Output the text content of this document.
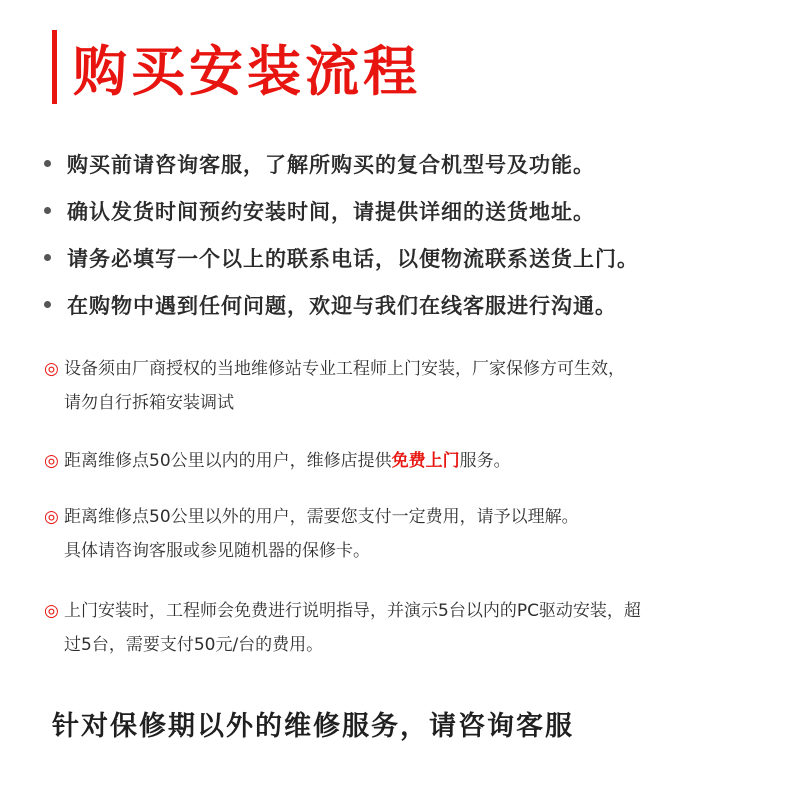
购买安装流程
购买前请咨询客服，了解所购买的复合机型号及功能。
确认发货时间预约安装时间，请提供详细的送货地址。
请务必填写一个以上的联系电话，以便物流联系送货上门。
在购物中遇到任何问题，欢迎与我们在线客服进行沟通。
◎ 设备须由厂商授权的当地维修站专业工程师上门安装，厂家保修方可生效，
请勿自行拆箱安装调试
◎ 距离维修点50公里以内的用户，维修店提供免费上门服务。
◎ 距离维修点50公里以外的用户，需要您支付一定费用，请予以理解。
具体请咨询客服或参见随机器的保修卡。
◎ 上门安装时，工程师会免费进行说明指导，并演示5台以内的PC驱动安装，超
过5台，需要支付50元/台的费用。
针对保修期以外的维修服务，请咨询客服
